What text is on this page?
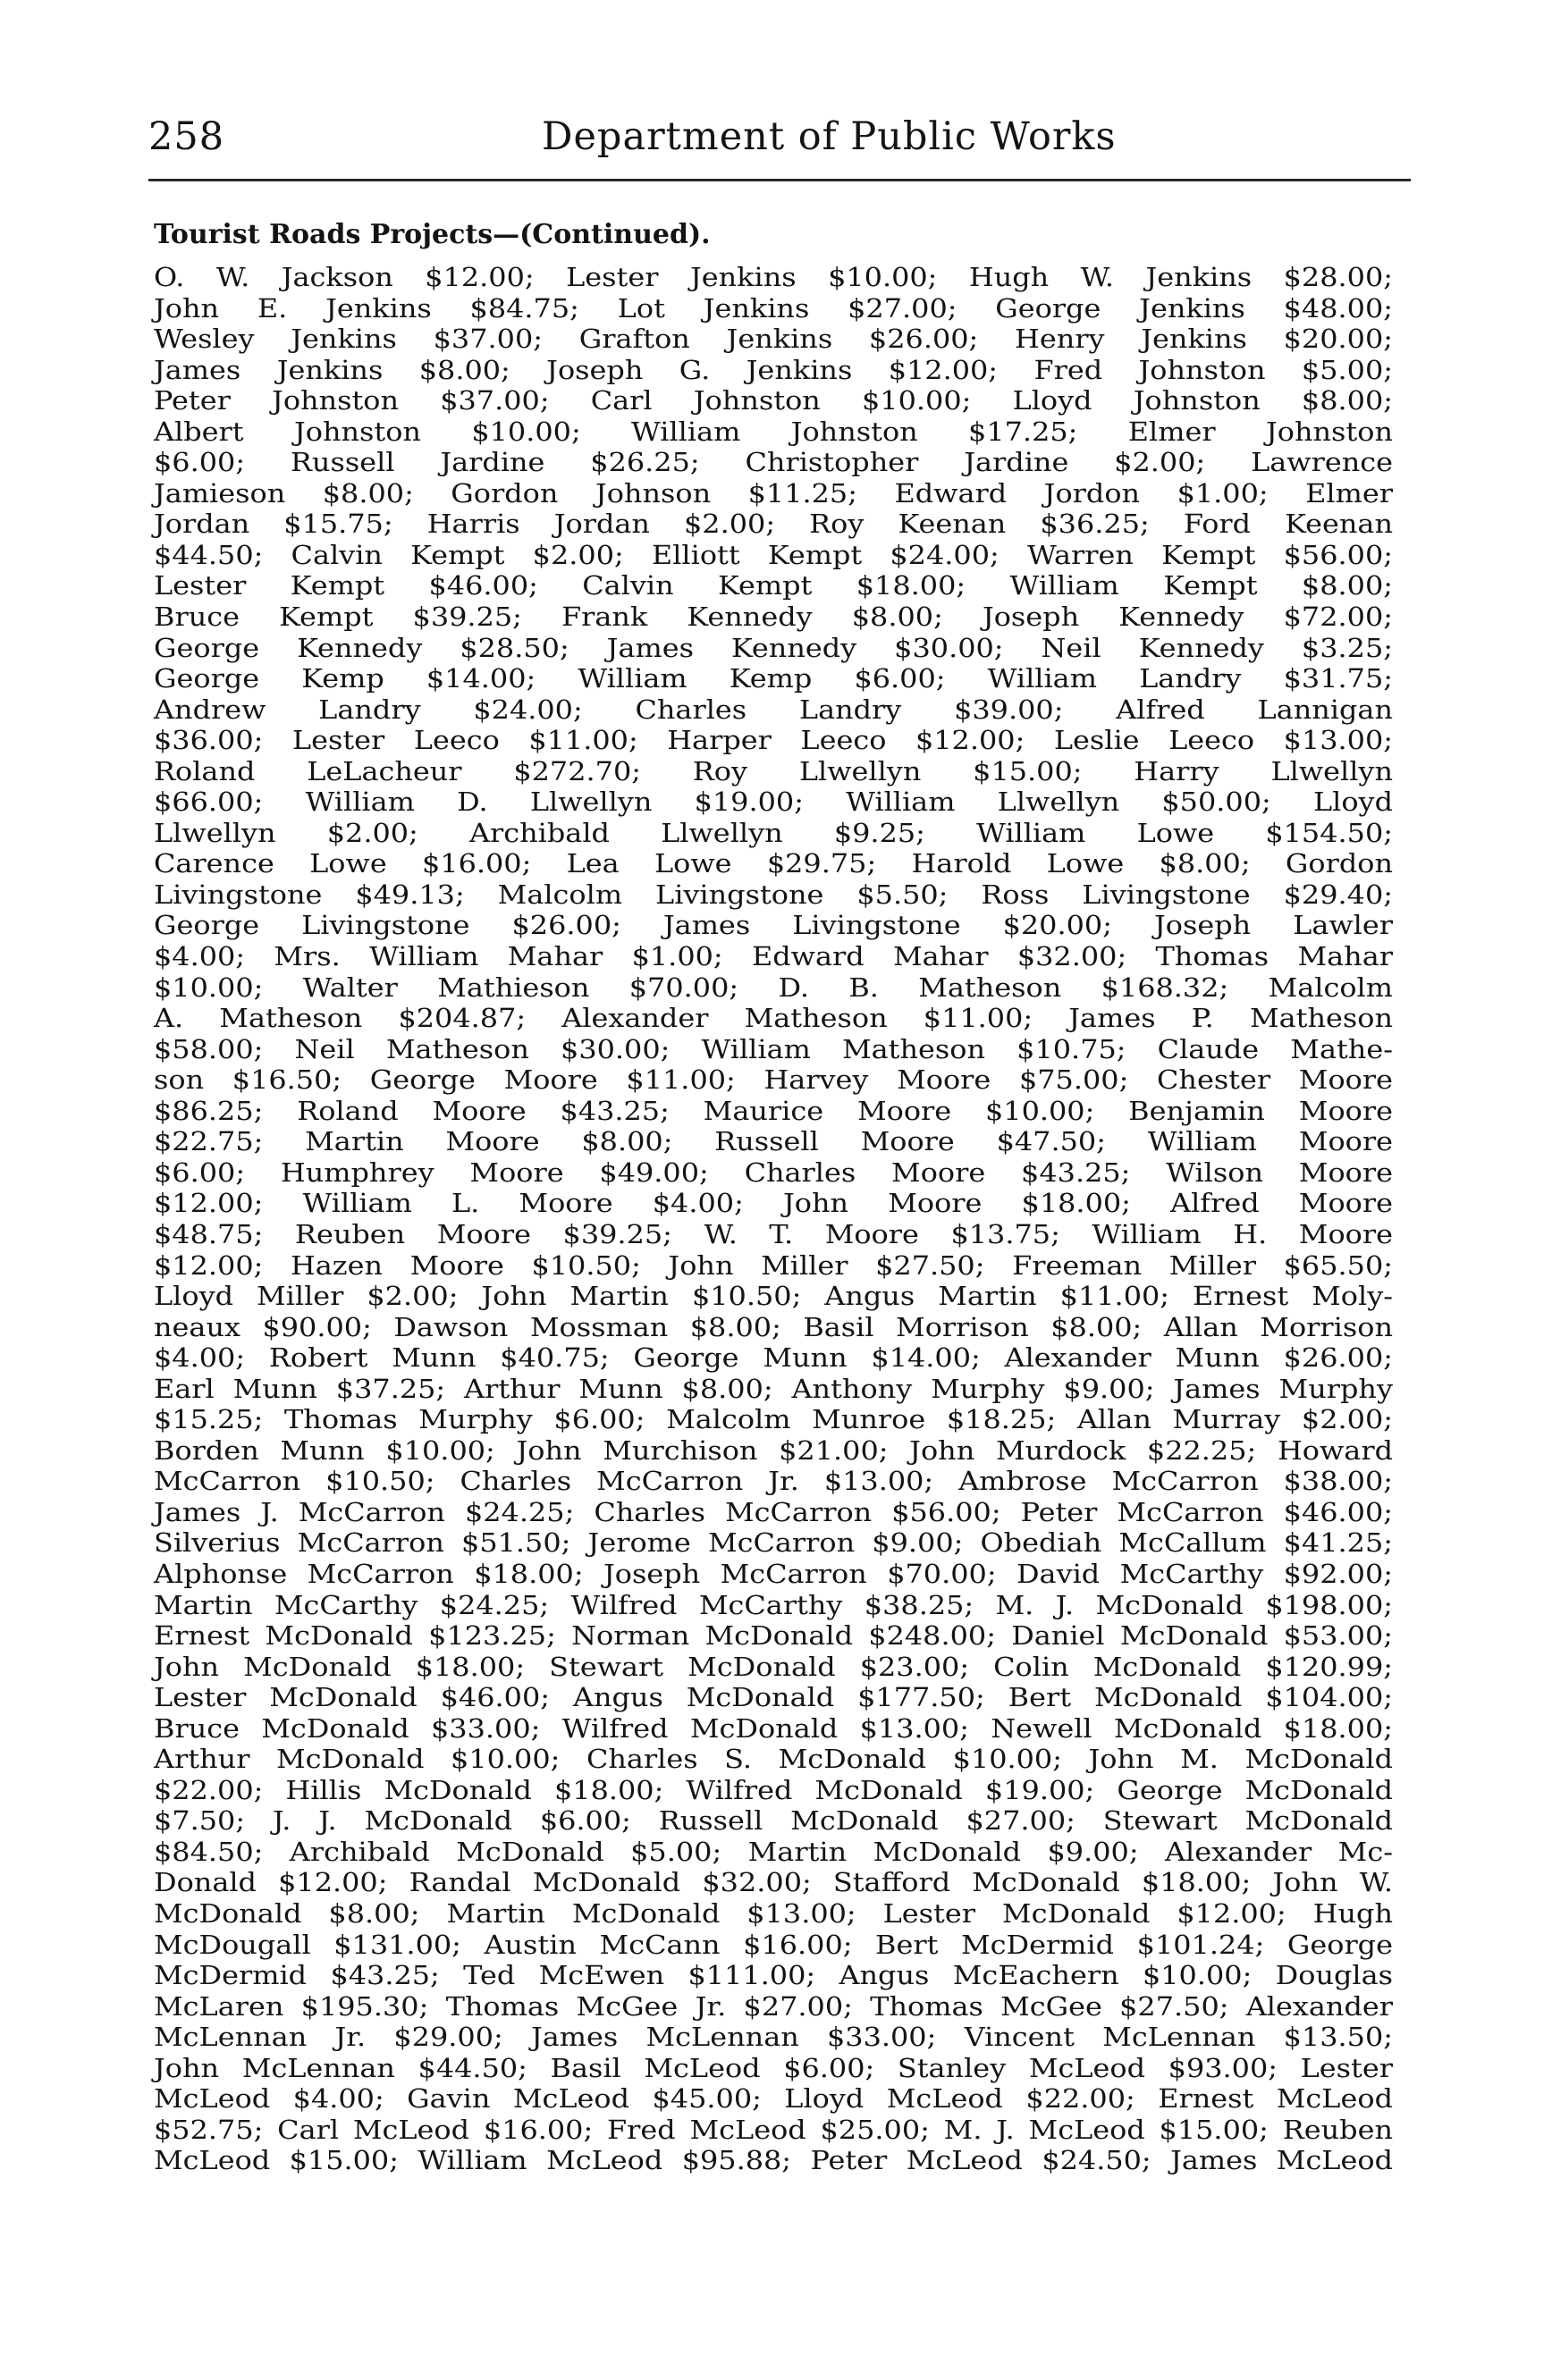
258	Department of Public Works
Tourist Roads Projects—(Continued).
O. W. Jackson $12.00; Lester Jenkins $10.00; Hugh W. Jenkins $28.00;
John E. Jenkins $84.75; Lot Jenkins $27.00; George Jenkins $48.00;
Wesley Jenkins $37.00; Grafton Jenkins $26.00; Henry Jenkins $20.00;
James Jenkins $8.00; Joseph G. Jenkins $12.00; Fred Johnston $5.00;
Peter Johnston $37.00; Carl Johnston $10.00; Lloyd Johnston $8.00;
Albert Johnston $10.00; William Johnston $17.25; Elmer Johnston
$6.00; Russell Jardine $26.25; Christopher Jardine $2.00; Lawrence
Jamieson $8.00; Gordon Johnson $11.25; Edward Jordon $1.00; Elmer
Jordan $15.75; Harris Jordan $2.00; Roy Keenan $36.25; Ford Keenan
$44.50; Calvin Kempt $2.00; Elliott Kempt $24.00; Warren Kempt $56.00;
Lester Kempt $46.00; Calvin Kempt $18.00; William Kempt $8.00;
Bruce Kempt $39.25; Frank Kennedy $8.00; Joseph Kennedy $72.00;
George Kennedy $28.50; James Kennedy $30.00; Neil Kennedy $3.25;
George Kemp $14.00; William Kemp $6.00; William Landry $31.75;
Andrew Landry $24.00; Charles Landry $39.00; Alfred Lannigan
$36.00; Lester Leeco $11.00; Harper Leeco $12.00; Leslie Leeco $13.00;
Roland LeLacheur $272.70; Roy Llwellyn $15.00; Harry Llwellyn
$66.00; William D. Llwellyn $19.00; William Llwellyn $50.00; Lloyd
Llwellyn $2.00; Archibald Llwellyn $9.25; William Lowe $154.50;
Carence Lowe $16.00; Lea Lowe $29.75; Harold Lowe $8.00; Gordon
Livingstone $49.13; Malcolm Livingstone $5.50; Ross Livingstone $29.40;
George Livingstone $26.00; James Livingstone $20.00; Joseph Lawler
$4.00; Mrs. William Mahar $1.00; Edward Mahar $32.00; Thomas Mahar
$10.00; Walter Mathieson $70.00; D. B. Matheson $168.32; Malcolm
A. Matheson $204.87; Alexander Matheson $11.00; James P. Matheson
$58.00; Neil Matheson $30.00; William Matheson $10.75; Claude Mathe-
son $16.50; George Moore $11.00; Harvey Moore $75.00; Chester Moore
$86.25; Roland Moore $43.25; Maurice Moore $10.00; Benjamin Moore
$22.75; Martin Moore $8.00; Russell Moore $47.50; William Moore
$6.00; Humphrey Moore $49.00; Charles Moore $43.25; Wilson Moore
$12.00; William L. Moore $4.00; John Moore $18.00; Alfred Moore
$48.75; Reuben Moore $39.25; W. T. Moore $13.75; William H. Moore
$12.00; Hazen Moore $10.50; John Miller $27.50; Freeman Miller $65.50;
Lloyd Miller $2.00; John Martin $10.50; Angus Martin $11.00; Ernest Moly-
neaux $90.00; Dawson Mossman $8.00; Basil Morrison $8.00; Allan Morrison
$4.00; Robert Munn $40.75; George Munn $14.00; Alexander Munn $26.00;
Earl Munn $37.25; Arthur Munn $8.00; Anthony Murphy $9.00; James Murphy
$15.25; Thomas Murphy $6.00; Malcolm Munroe $18.25; Allan Murray $2.00;
Borden Munn $10.00; John Murchison $21.00; John Murdock $22.25; Howard
McCarron $10.50; Charles McCarron Jr. $13.00; Ambrose McCarron $38.00;
James J. McCarron $24.25; Charles McCarron $56.00; Peter McCarron $46.00;
Silverius McCarron $51.50; Jerome McCarron $9.00; Obediah McCallum $41.25;
Alphonse McCarron $18.00; Joseph McCarron $70.00; David McCarthy $92.00;
Martin McCarthy $24.25; Wilfred McCarthy $38.25; M. J. McDonald $198.00;
Ernest McDonald $123.25; Norman McDonald $248.00; Daniel McDonald $53.00;
John McDonald $18.00; Stewart McDonald $23.00; Colin McDonald $120.99;
Lester McDonald $46.00; Angus McDonald $177.50; Bert McDonald $104.00;
Bruce McDonald $33.00; Wilfred McDonald $13.00; Newell McDonald $18.00;
Arthur McDonald $10.00; Charles S. McDonald $10.00; John M. McDonald
$22.00; Hillis McDonald $18.00; Wilfred McDonald $19.00; George McDonald
$7.50; J. J. McDonald $6.00; Russell McDonald $27.00; Stewart McDonald
$84.50; Archibald McDonald $5.00; Martin McDonald $9.00; Alexander Mc-
Donald $12.00; Randal McDonald $32.00; Stafford McDonald $18.00; John W.
McDonald $8.00; Martin McDonald $13.00; Lester McDonald $12.00; Hugh
McDougall $131.00; Austin McCann $16.00; Bert McDermid $101.24; George
McDermid $43.25; Ted McEwen $111.00; Angus McEachern $10.00; Douglas
McLaren $195.30; Thomas McGee Jr. $27.00; Thomas McGee $27.50; Alexander
McLennan Jr. $29.00; James McLennan $33.00; Vincent McLennan $13.50;
John McLennan $44.50; Basil McLeod $6.00; Stanley McLeod $93.00; Lester
McLeod $4.00; Gavin McLeod $45.00; Lloyd McLeod $22.00; Ernest McLeod
$52.75; Carl McLeod $16.00; Fred McLeod $25.00; M. J. McLeod $15.00; Reuben
McLeod $15.00; William McLeod $95.88; Peter McLeod $24.50; James McLeod
